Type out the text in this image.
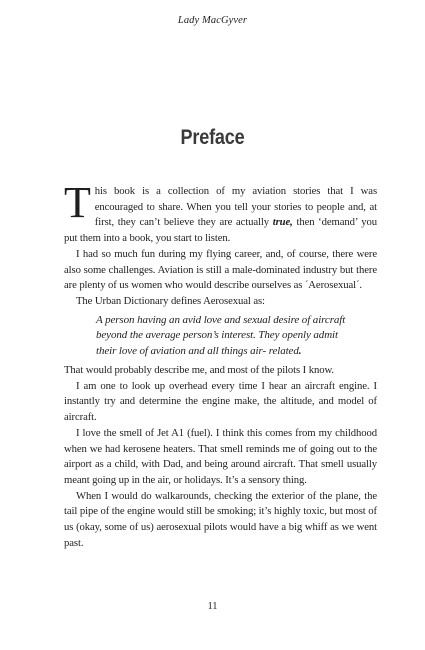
Lady MacGyver
Preface

This book is a collection of my aviation stories that I was encouraged to share. When you tell your stories to people and, at first, they can’t believe they are actually true, then ‘demand’ you put them into a book, you start to listen.

I had so much fun during my flying career, and, of course, there were also some challenges. Aviation is still a male-dominated industry but there are plenty of us women who would describe ourselves as ´Aerosexual´.

The Urban Dictionary defines Aerosexual as:

A person having an avid love and sexual desire of aircraft beyond the average person’s interest. They openly admit their love of aviation and all things air- related.

That would probably describe me, and most of the pilots I know.

I am one to look up overhead every time I hear an aircraft engine. I instantly try and determine the engine make, the altitude, and model of aircraft.

I love the smell of Jet A1 (fuel). I think this comes from my childhood when we had kerosene heaters. That smell reminds me of going out to the airport as a child, with Dad, and being around aircraft. That smell usually meant going up in the air, or holidays. It’s a sensory thing.

When I would do walkarounds, checking the exterior of the plane, the tail pipe of the engine would still be smoking; it’s highly toxic, but most of us (okay, some of us) aerosexual pilots would have a big whiff as we went past.

11
